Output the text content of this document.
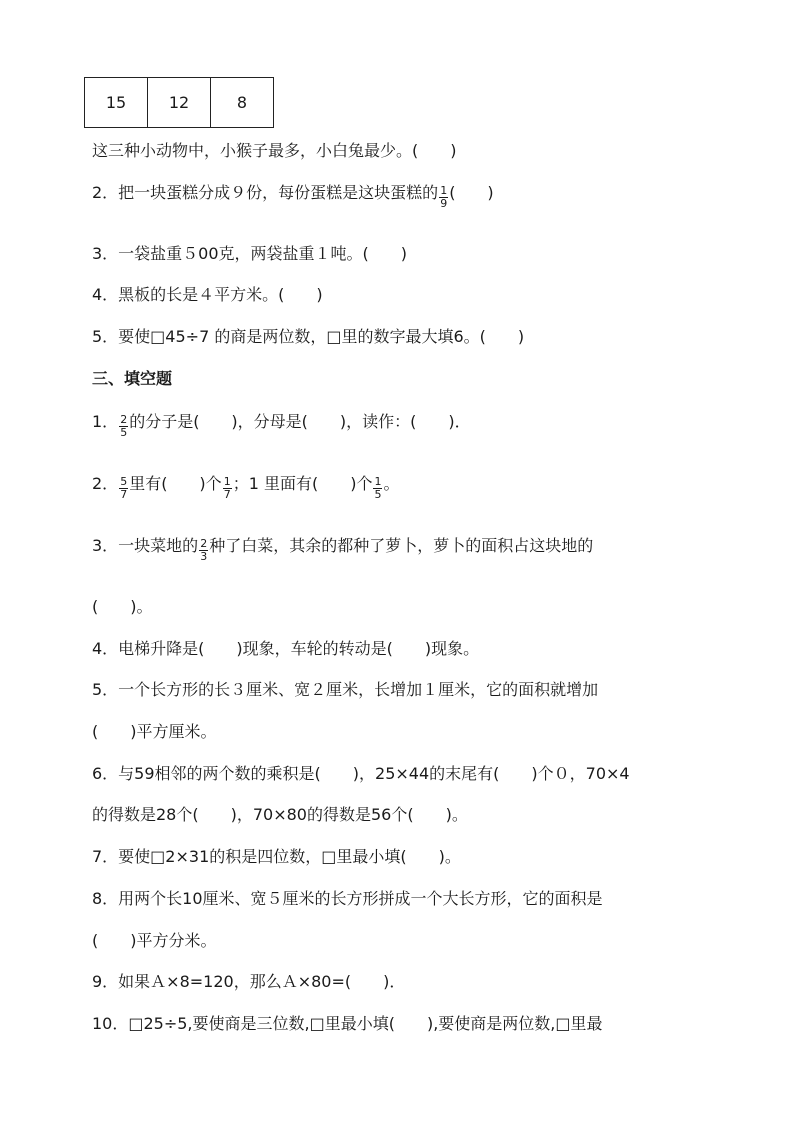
15	12	8
这三种小动物中，小猴子最多，小白兔最少。(　　)
2．把一块蛋糕分成９份，每份蛋糕是这块蛋糕的 $\frac{1}{9}$ (　　)
3．一袋盐重５00克，两袋盐重１吨。(　　)
4．黑板的长是４平方米。(　　)
5．要使□45÷7 的商是两位数，□里的数字最大填6。(　　)
三、填空题
1． $\frac{2}{5}$ 的分子是(　　)，分母是(　　)，读作：(　　)．
2． $\frac{5}{7}$ 里有(　　)个 $\frac{1}{7}$ ；1 里面有(　　)个 $\frac{1}{5}$ 。
3．一块菜地的 $\frac{2}{3}$ 种了白菜，其余的都种了萝卜，萝卜的面积占这块地的
(　　)。
4．电梯升降是(　　)现象，车轮的转动是(　　)现象。
5．一个长方形的长３厘米、宽２厘米，长增加１厘米，它的面积就增加
(　　)平方厘米。
6．与59相邻的两个数的乘积是(　　)，25×44的末尾有(　　)个０，70×4
的得数是28个(　　)，70×80的得数是56个(　　)。
7．要使□2×31的积是四位数，□里最小填(　　)。
8．用两个长10厘米、宽５厘米的长方形拼成一个大长方形，它的面积是
(　　)平方分米。
9．如果Ａ×8=120，那么Ａ×80=(　　)．
10．□25÷5,要使商是三位数,□里最小填(　　),要使商是两位数,□里最
